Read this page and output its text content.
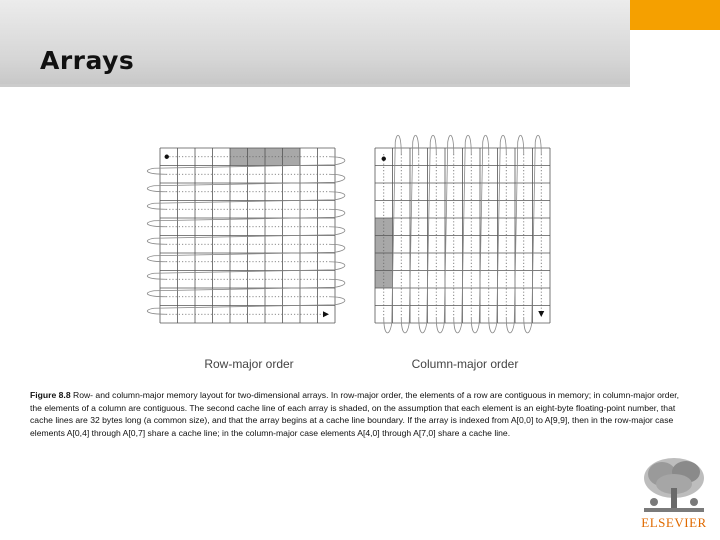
Arrays
Row-major order	Column-major order
Figure 8.8 Row- and column-major memory layout for two-dimensional arrays. In row-major order, the elements of a row are contiguous in memory; in column-major order, the elements of a column are contiguous. The second cache line of each array is shaded, on the assumption that each element is an eight-byte floating-point number, that cache lines are 32 bytes long (a common size), and that the array begins at a cache line boundary. If the array is indexed from A[0,0] to A[9,9], then in the row-major case elements A[0,4] through A[0,7] share a cache line; in the column-major case elements A[4,0] through A[7,0] share a cache line.
ELSEVIER
